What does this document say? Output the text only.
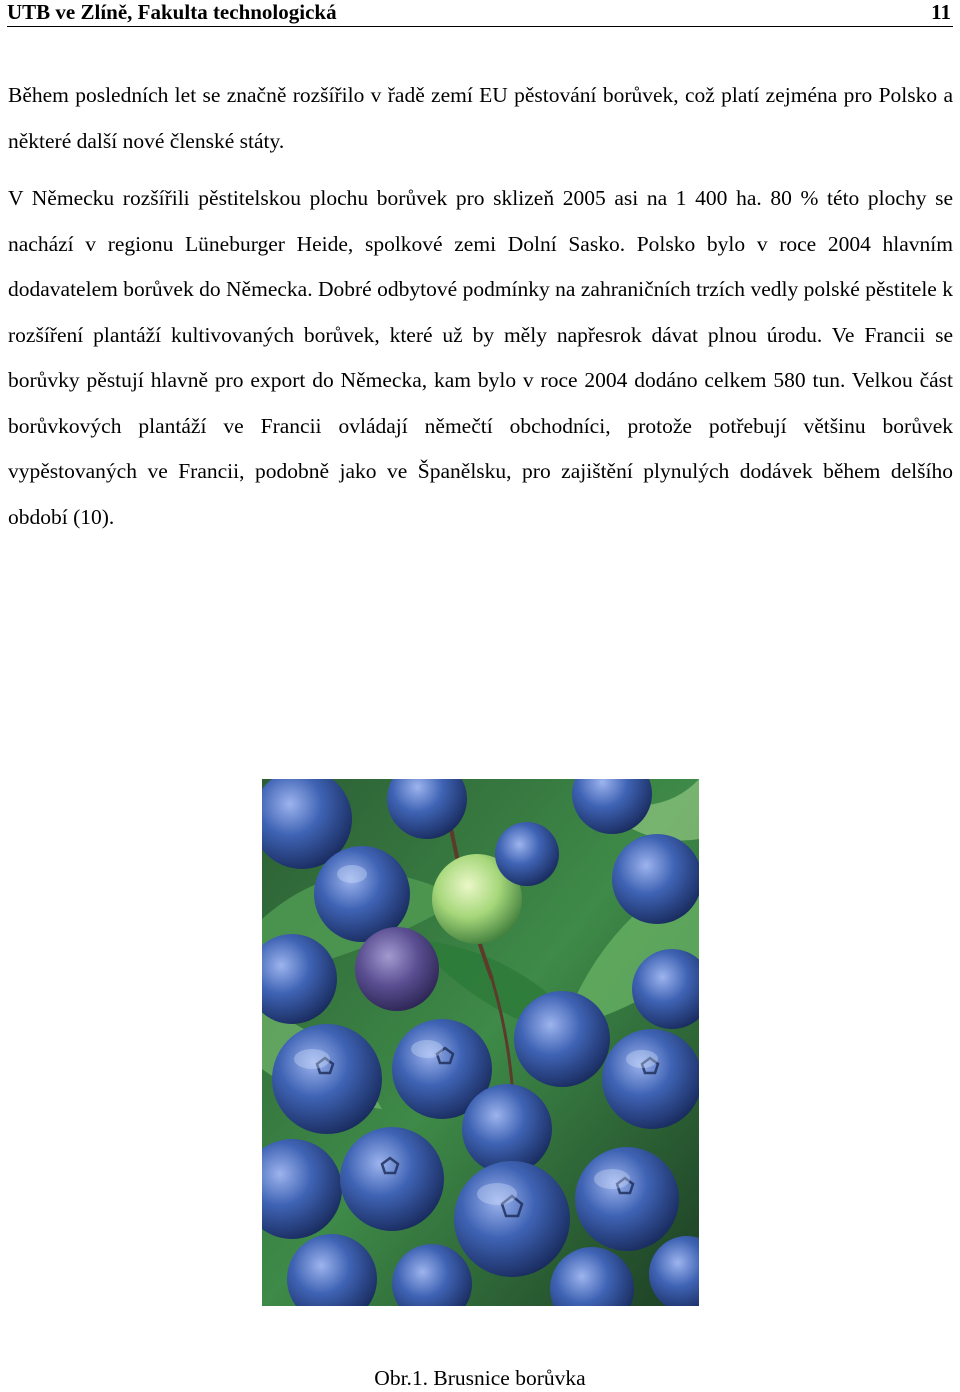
UTB ve Zlíně, Fakulta technologická	11

Během posledních let se značně rozšířilo v řadě zemí EU pěstování borůvek, což platí zejména pro Polsko a některé další nové členské státy.

V Německu rozšířili pěstitelskou plochu borůvek pro sklizeň 2005 asi na 1 400 ha. 80 % této plochy se nachází v regionu Lüneburger Heide, spolkové zemi Dolní Sasko. Polsko bylo v roce 2004 hlavním dodavatelem borůvek do Německa. Dobré odbytové podmínky na zahraničních trzích vedly polské pěstitele k rozšíření plantáží kultivovaných borůvek, které už by měly napřesrok dávat plnou úrodu. Ve Francii se borůvky pěstují hlavně pro export do Německa, kam bylo v roce 2004 dodáno celkem 580 tun. Velkou část borůvkových plantáží ve Francii ovládají němečtí obchodníci, protože potřebují většinu borůvek vypěstovaných ve Francii, podobně jako ve Španělsku, pro zajištění plynulých dodávek během delšího období (10).

Obr.1. Brusnice borůvka
